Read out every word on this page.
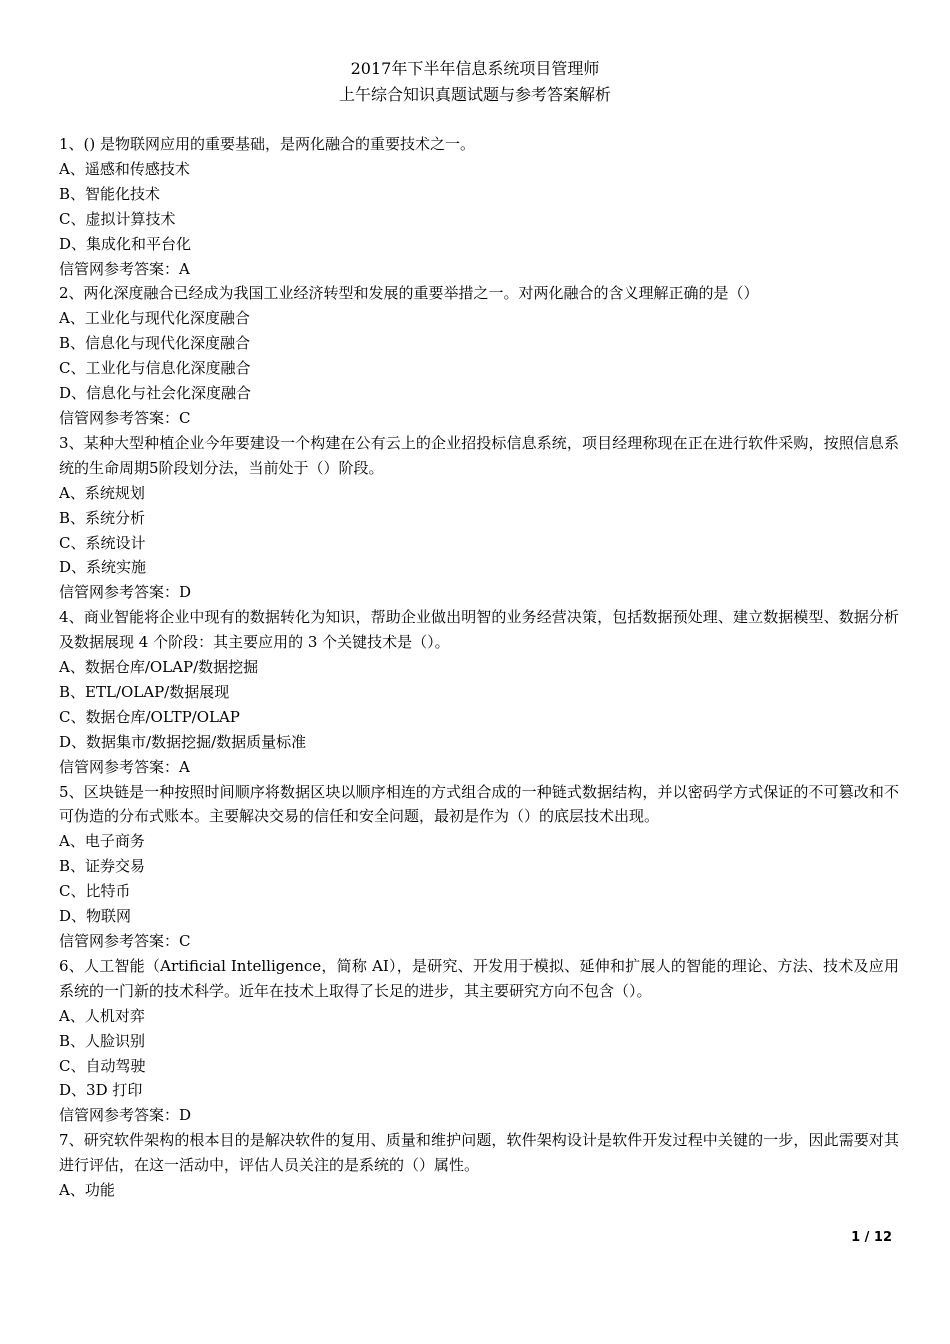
2017年下半年信息系统项目管理师
上午综合知识真题试题与参考答案解析
1、() 是物联网应用的重要基础，是两化融合的重要技术之一。
A、遥感和传感技术
B、智能化技术
C、虚拟计算技术
D、集成化和平台化
信管网参考答案：A
2、两化深度融合已经成为我国工业经济转型和发展的重要举措之一。对两化融合的含义理解正确的是（）
A、工业化与现代化深度融合
B、信息化与现代化深度融合
C、工业化与信息化深度融合
D、信息化与社会化深度融合
信管网参考答案：C
3、某种大型种植企业今年要建设一个构建在公有云上的企业招投标信息系统，项目经理称现在正在进行软件采购，按照信息系统的生命周期5阶段划分法，当前处于（）阶段。
A、系统规划
B、系统分析
C、系统设计
D、系统实施
信管网参考答案：D
4、商业智能将企业中现有的数据转化为知识，帮助企业做出明智的业务经营决策，包括数据预处理、建立数据模型、数据分析及数据展现 4 个阶段：其主要应用的 3 个关键技术是（）。
A、数据仓库/OLAP/数据挖掘
B、ETL/OLAP/数据展现
C、数据仓库/OLTP/OLAP
D、数据集市/数据挖掘/数据质量标准
信管网参考答案：A
5、区块链是一种按照时间顺序将数据区块以顺序相连的方式组合成的一种链式数据结构，并以密码学方式保证的不可篡改和不可伪造的分布式账本。主要解决交易的信任和安全问题，最初是作为（）的底层技术出现。
A、电子商务
B、证券交易
C、比特币
D、物联网
信管网参考答案：C
6、人工智能（Artificial Intelligence，简称 AI），是研究、开发用于模拟、延伸和扩展人的智能的理论、方法、技术及应用系统的一门新的技术科学。近年在技术上取得了长足的进步，其主要研究方向不包含（）。
A、人机对弈
B、人脸识别
C、自动驾驶
D、3D 打印
信管网参考答案：D
7、研究软件架构的根本目的是解决软件的复用、质量和维护问题，软件架构设计是软件开发过程中关键的一步，因此需要对其进行评估，在这一活动中，评估人员关注的是系统的（）属性。
A、功能
1 / 12
